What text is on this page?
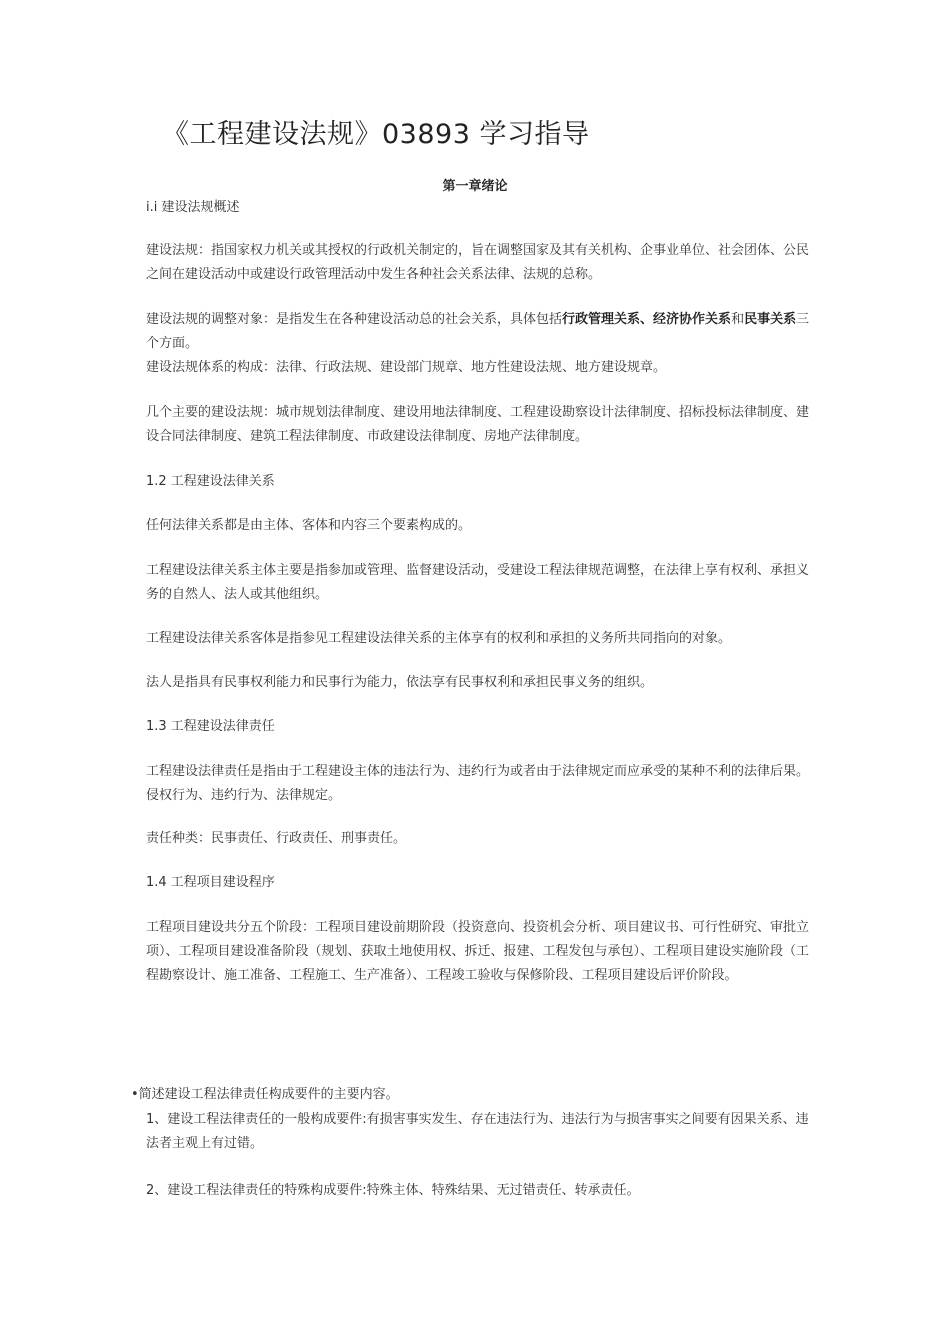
《工程建设法规》03893 学习指导
第一章绪论
i.i 建设法规概述
建设法规：指国家权力机关或其授权的行政机关制定的，旨在调整国家及其有关机构、企事业单位、社会团体、公民之间在建设活动中或建设行政管理活动中发生各种社会关系法律、法规的总称。
建设法规的调整对象：是指发生在各种建设活动总的社会关系，具体包括行政管理关系、经济协作关系和民事关系三个方面。
建设法规体系的构成：法律、行政法规、建设部门规章、地方性建设法规、地方建设规章。
几个主要的建设法规：城市规划法律制度、建设用地法律制度、工程建设勘察设计法律制度、招标投标法律制度、建设合同法律制度、建筑工程法律制度、市政建设法律制度、房地产法律制度。
1.2 工程建设法律关系
任何法律关系都是由主体、客体和内容三个要素构成的。
工程建设法律关系主体主要是指参加或管理、监督建设活动，受建设工程法律规范调整，在法律上享有权利、承担义务的自然人、法人或其他组织。
工程建设法律关系客体是指参见工程建设法律关系的主体享有的权利和承担的义务所共同指向的对象。
法人是指具有民事权利能力和民事行为能力，依法享有民事权利和承担民事义务的组织。
1.3 工程建设法律责任
工程建设法律责任是指由于工程建设主体的违法行为、违约行为或者由于法律规定而应承受的某种不利的法律后果。侵权行为、违约行为、法律规定。
责任种类：民事责任、行政责任、刑事责任。
1.4 工程项目建设程序
工程项目建设共分五个阶段：工程项目建设前期阶段（投资意向、投资机会分析、项目建议书、可行性研究、审批立项）、工程项目建设准备阶段（规划、获取土地使用权、拆迁、报建、工程发包与承包）、工程项目建设实施阶段（工程勘察设计、施工准备、工程施工、生产准备）、工程竣工验收与保修阶段、工程项目建设后评价阶段。
•简述建设工程法律责任构成要件的主要内容。
1、建设工程法律责任的一般构成要件:有损害事实发生、存在违法行为、违法行为与损害事实之间要有因果关系、违法者主观上有过错。
2、建设工程法律责任的特殊构成要件:特殊主体、特殊结果、无过错责任、转承责任。
